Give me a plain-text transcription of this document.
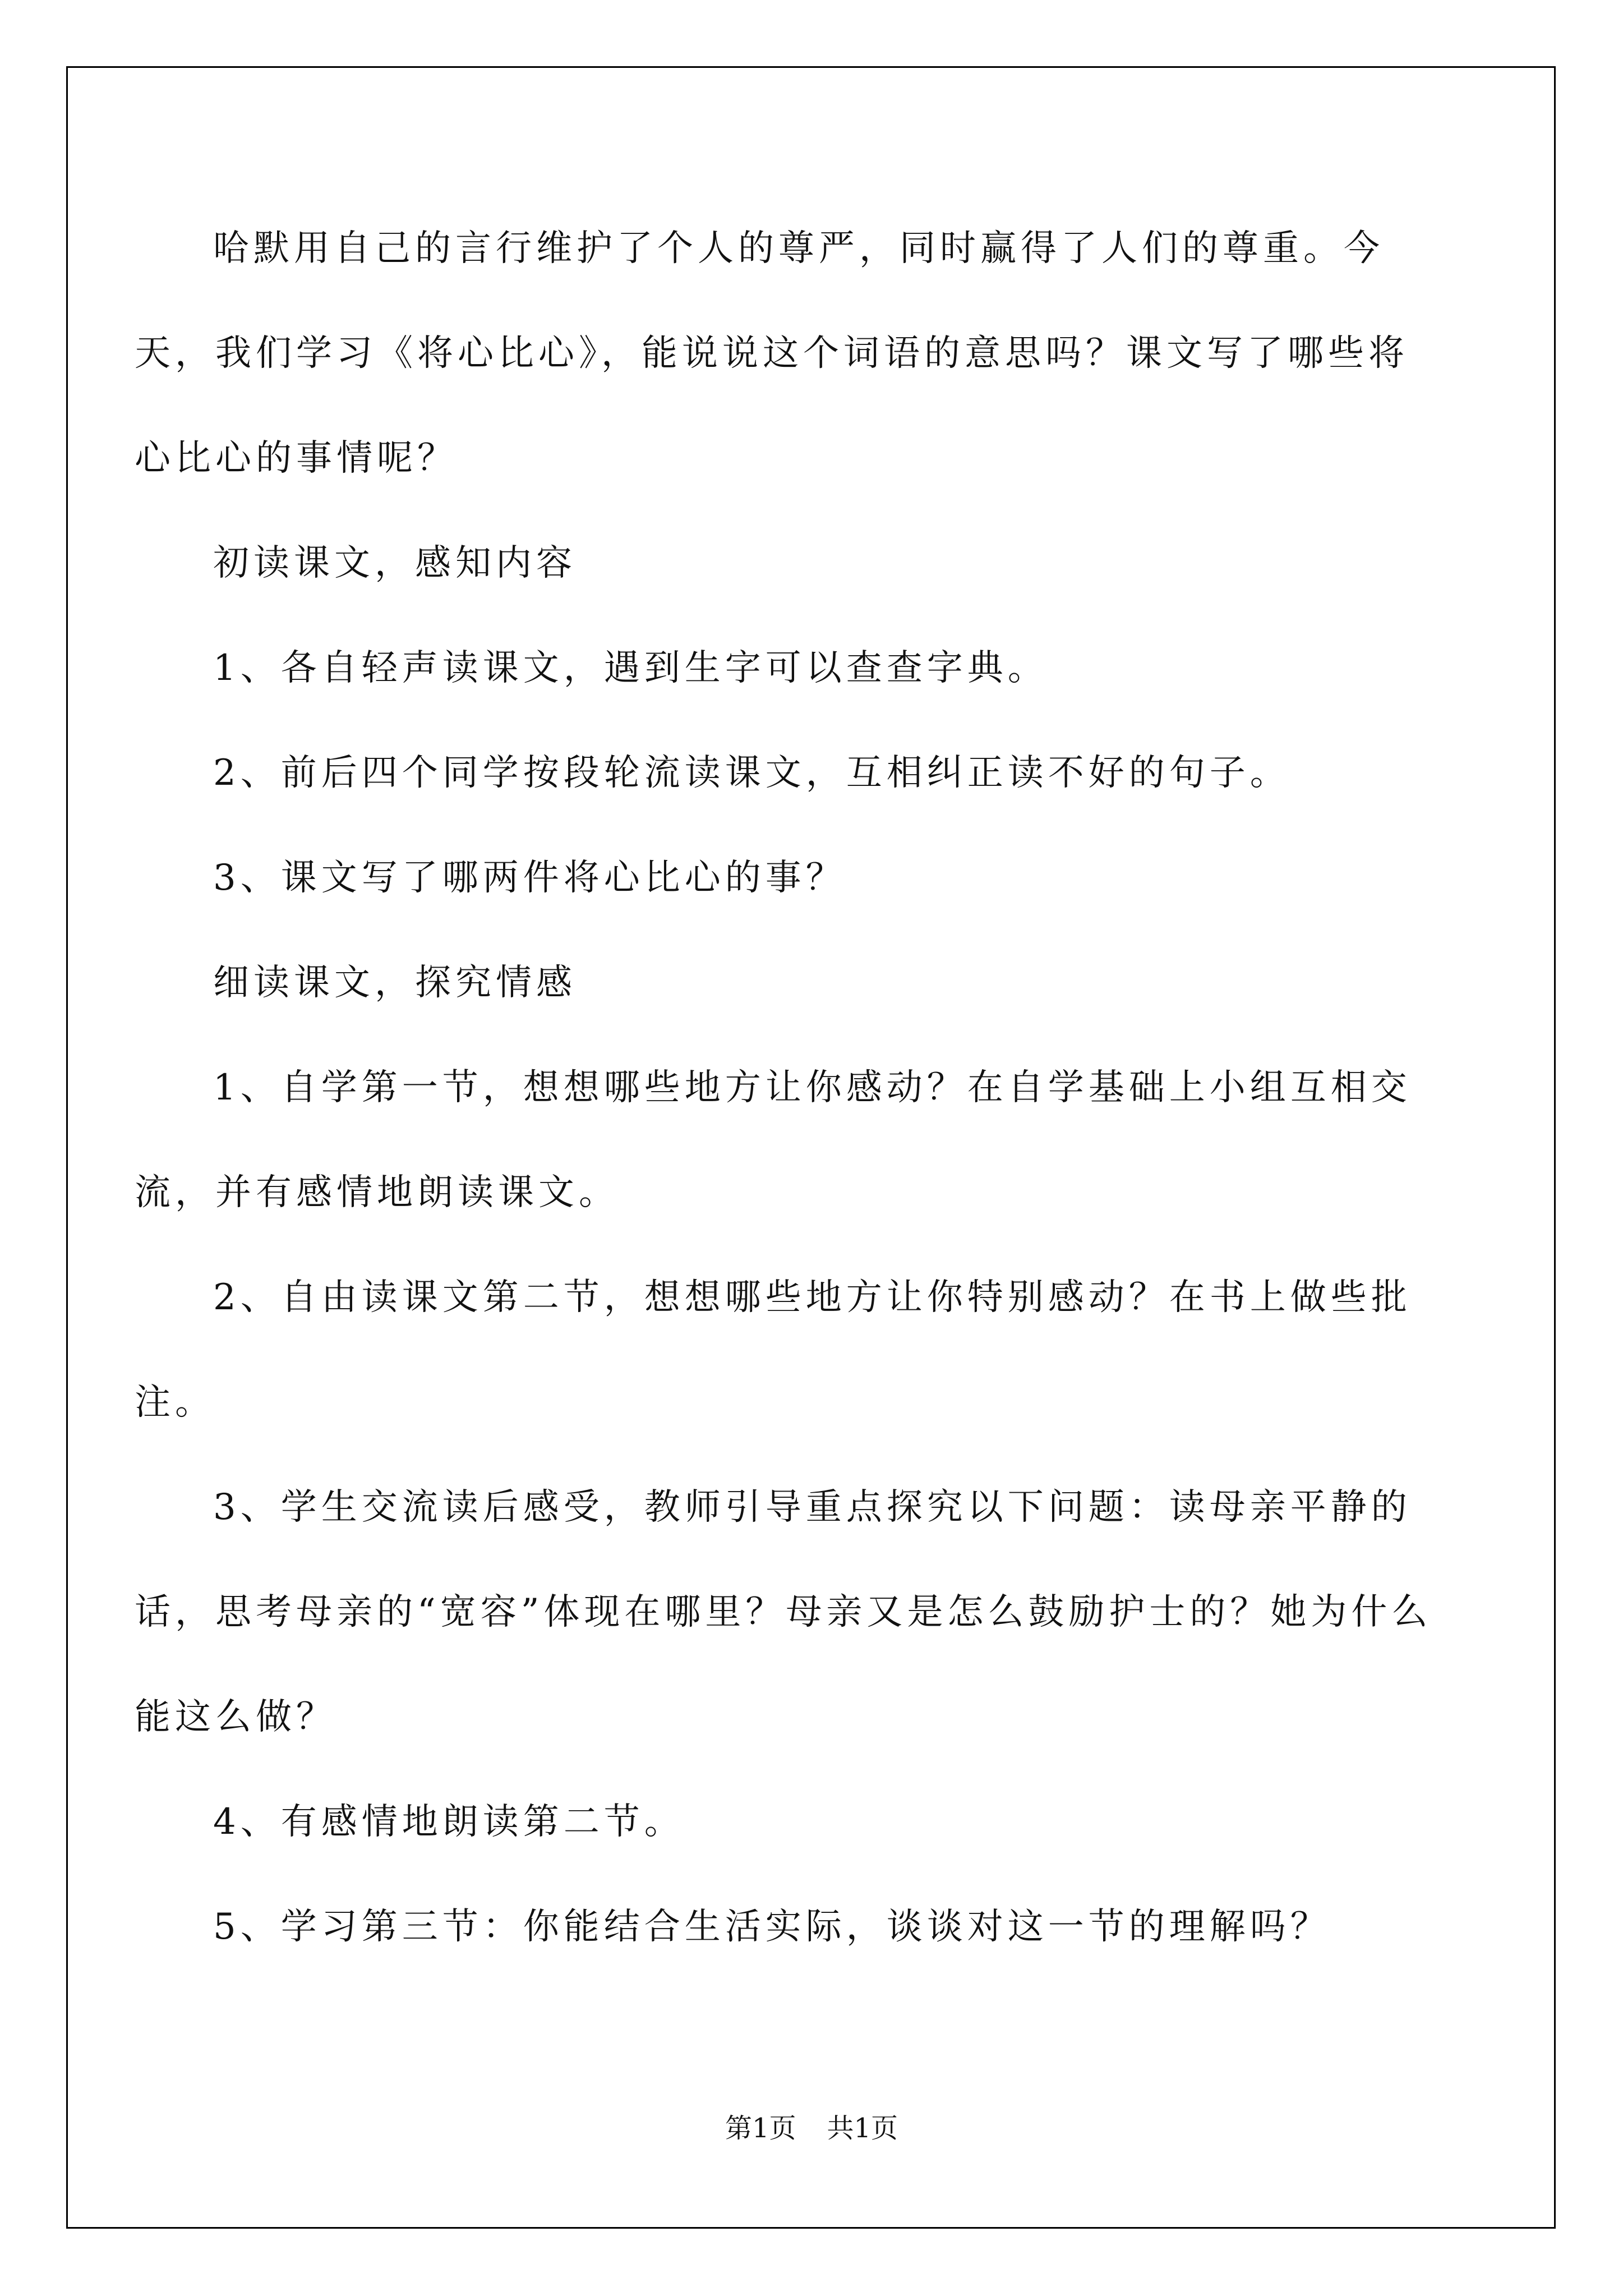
哈默用自己的言行维护了个人的尊严，同时赢得了人们的尊重。今天，我们学习《将心比心》，能说说这个词语的意思吗？课文写了哪些将心比心的事情呢？

初读课文，感知内容

1、各自轻声读课文，遇到生字可以查查字典。

2、前后四个同学按段轮流读课文，互相纠正读不好的句子。

3、课文写了哪两件将心比心的事？

细读课文，探究情感

1、自学第一节，想想哪些地方让你感动？在自学基础上小组互相交流，并有感情地朗读课文。

2、自由读课文第二节，想想哪些地方让你特别感动？在书上做些批注。

3、学生交流读后感受，教师引导重点探究以下问题：读母亲平静的话，思考母亲的“宽容”体现在哪里？母亲又是怎么鼓励护士的？她为什么能这么做？

4、有感情地朗读第二节。

5、学习第三节：你能结合生活实际，谈谈对这一节的理解吗？

第1页 共1页
